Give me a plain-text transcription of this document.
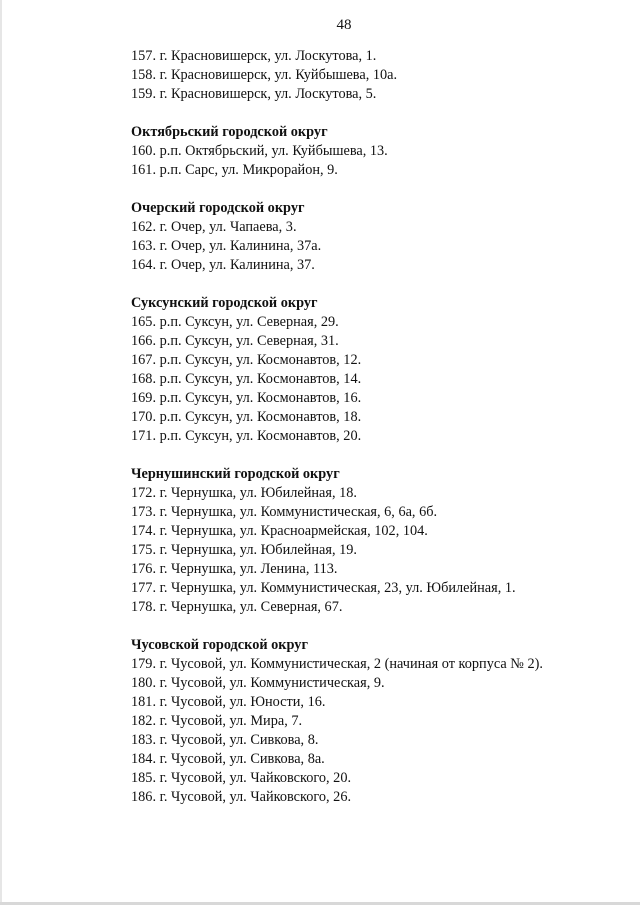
48
157. г. Красновишерск, ул. Лоскутова, 1.
158. г. Красновишерск, ул. Куйбышева, 10а.
159. г. Красновишерск, ул. Лоскутова, 5.
Октябрьский городской округ
160. р.п. Октябрьский, ул. Куйбышева, 13.
161. р.п. Сарс, ул. Микрорайон, 9.
Очерский городской округ
162. г. Очер, ул. Чапаева, 3.
163. г. Очер, ул. Калинина, 37а.
164. г. Очер, ул. Калинина, 37.
Суксунский городской округ
165. р.п. Суксун, ул. Северная, 29.
166. р.п. Суксун, ул. Северная, 31.
167. р.п. Суксун, ул. Космонавтов, 12.
168. р.п. Суксун, ул. Космонавтов, 14.
169. р.п. Суксун, ул. Космонавтов, 16.
170. р.п. Суксун, ул. Космонавтов, 18.
171. р.п. Суксун, ул. Космонавтов, 20.
Чернушинский городской округ
172. г. Чернушка, ул. Юбилейная, 18.
173. г. Чернушка, ул. Коммунистическая, 6, 6а, 6б.
174. г. Чернушка, ул. Красноармейская, 102, 104.
175. г. Чернушка, ул. Юбилейная, 19.
176. г. Чернушка, ул. Ленина, 113.
177. г. Чернушка, ул. Коммунистическая, 23, ул. Юбилейная, 1.
178. г. Чернушка, ул. Северная, 67.
Чусовской городской округ
179. г. Чусовой, ул. Коммунистическая, 2 (начиная от корпуса № 2).
180. г. Чусовой, ул. Коммунистическая, 9.
181. г. Чусовой, ул. Юности, 16.
182. г. Чусовой, ул. Мира, 7.
183. г. Чусовой, ул. Сивкова, 8.
184. г. Чусовой, ул. Сивкова, 8а.
185. г. Чусовой, ул. Чайковского, 20.
186. г. Чусовой, ул. Чайковского, 26.
